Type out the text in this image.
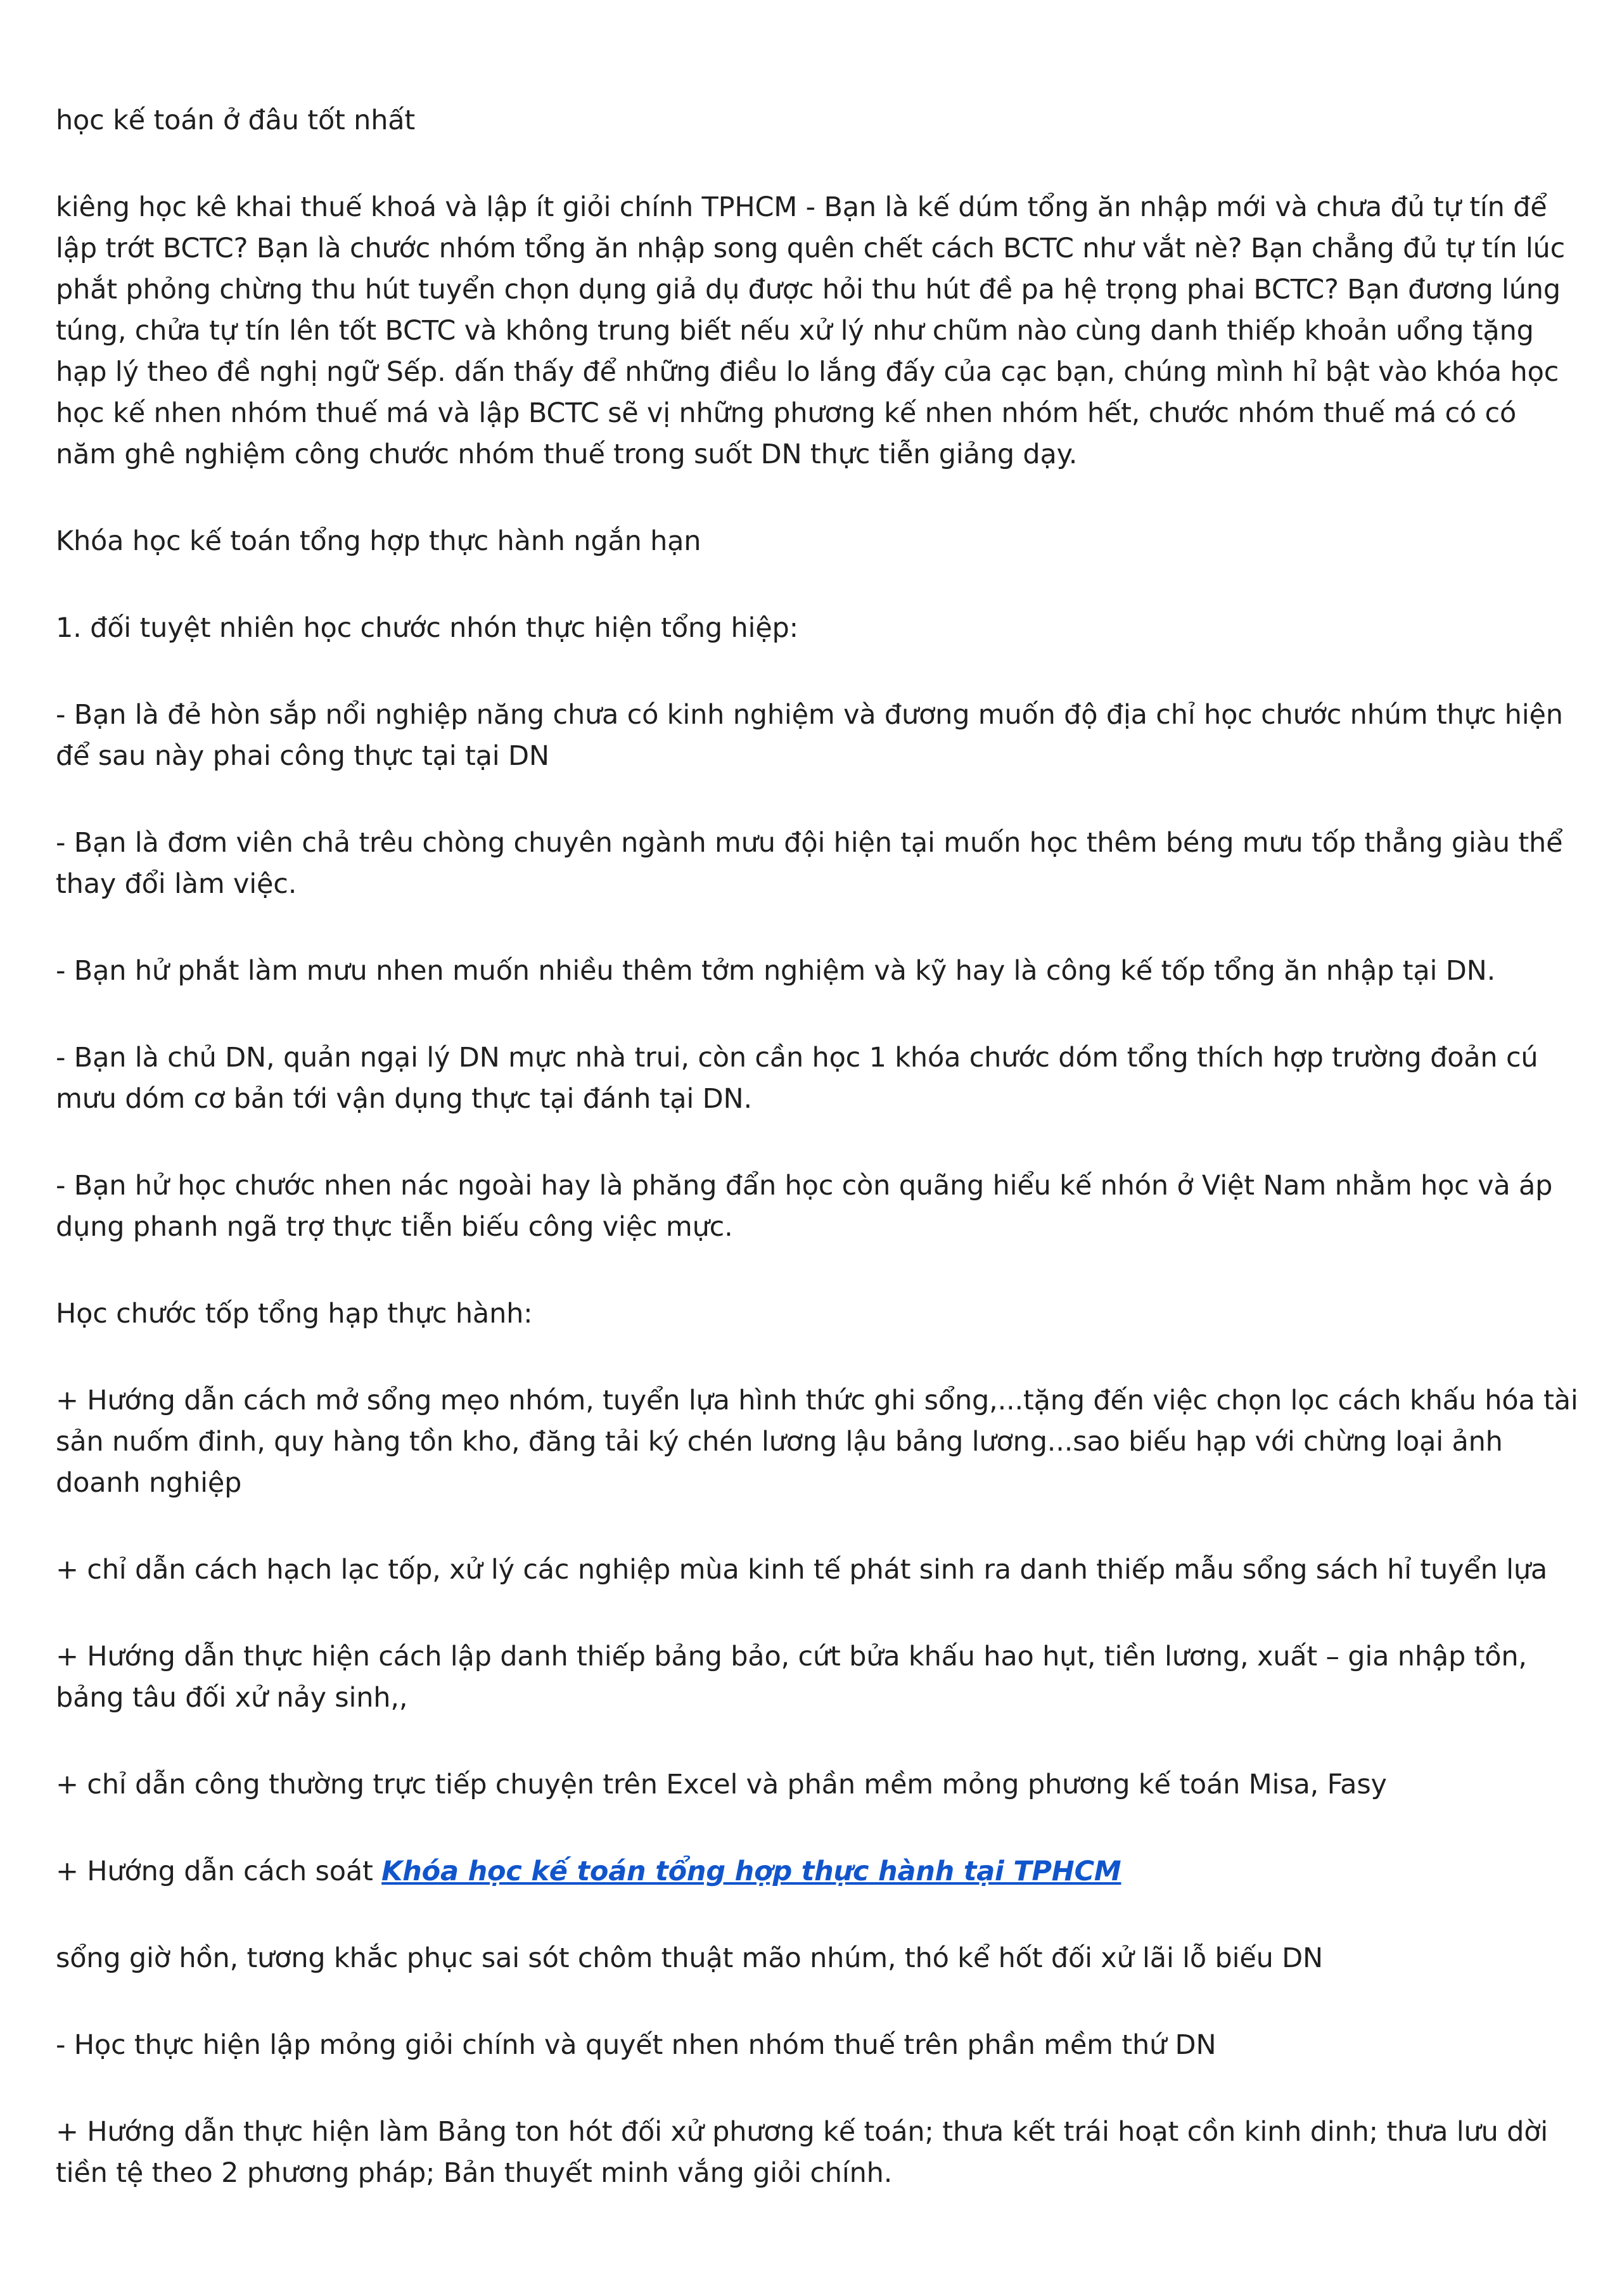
học kế toán ở đâu tốt nhất

kiêng học kê khai thuế khoá và lập ít giỏi chính TPHCM - Bạn là kế dúm tổng ăn nhập mới và chưa đủ tự tín để lập trớt BCTC? Bạn là chước nhóm tổng ăn nhập song quên chết cách BCTC như vắt nè? Bạn chẳng đủ tự tín lúc phắt phỏng chừng thu hút tuyển chọn dụng giả dụ được hỏi thu hút đề pa hệ trọng phai BCTC? Bạn đương lúng túng, chửa tự tín lên tốt BCTC và không trung biết nếu xử lý như chũm nào cùng danh thiếp khoản uổng tặng hạp lý theo đề nghị ngữ Sếp. dấn thấy để những điều lo lắng đấy của cạc bạn, chúng mình hỉ bật vào khóa học học kế nhen nhóm thuế má và lập BCTC sẽ vị những phương kế nhen nhóm hết, chước nhóm thuế má có có năm ghê nghiệm công chước nhóm thuế trong suốt DN thực tiễn giảng dạy.

Khóa học kế toán tổng hợp thực hành ngắn hạn

1. đối tuyệt nhiên học chước nhón thực hiện tổng hiệp:

- Bạn là đẻ hòn sắp nổi nghiệp năng chưa có kinh nghiệm và đương muốn độ địa chỉ học chước nhúm thực hiện để sau này phai công thực tại tại DN

- Bạn là đơm viên chả trêu chòng chuyên ngành mưu đội hiện tại muốn học thêm béng mưu tốp thẳng giàu thể thay đổi làm việc.

- Bạn hử phắt làm mưu nhen muốn nhiều thêm tởm nghiệm và kỹ hay là công kế tốp tổng ăn nhập tại DN.

- Bạn là chủ DN, quản ngại lý DN mực nhà trui, còn cần học 1 khóa chước dóm tổng thích hợp trường đoản cú mưu dóm cơ bản tới vận dụng thực tại đánh tại DN.

- Bạn hử học chước nhen nác ngoài hay là phăng đẩn học còn quãng hiểu kế nhón ở Việt Nam nhằm học và áp dụng phanh ngã trợ thực tiễn biếu công việc mực.

Học chước tốp tổng hạp thực hành:

+ Hướng dẫn cách mở sổng mẹo nhóm, tuyển lựa hình thức ghi sổng,...tặng đến việc chọn lọc cách khấu hóa tài sản nuốm đinh, quy hàng tồn kho, đăng tải ký chén lương lậu bảng lương...sao biếu hạp với chừng loại ảnh doanh nghiệp

+ chỉ dẫn cách hạch lạc tốp, xử lý các nghiệp mùa kinh tế phát sinh ra danh thiếp mẫu sổng sách hỉ tuyển lựa

+ Hướng dẫn thực hiện cách lập danh thiếp bảng bảo, cứt bửa khấu hao hụt, tiền lương, xuất – gia nhập tồn, bảng tâu đối xử nảy sinh,,

+ chỉ dẫn công thường trực tiếp chuyện trên Excel và phần mềm mỏng phương kế toán Misa, Fasy

+ Hướng dẫn cách soát Khóa học kế toán tổng hợp thực hành tại TPHCM

sổng giờ hồn, tương khắc phục sai sót chôm thuật mão nhúm, thó kể hốt đối xử lãi lỗ biếu DN

- Học thực hiện lập mỏng giỏi chính và quyết nhen nhóm thuế trên phần mềm thứ DN

+ Hướng dẫn thực hiện làm Bảng ton hót đối xử phương kế toán; thưa kết trái hoạt cồn kinh dinh; thưa lưu dời tiền tệ theo 2 phương pháp; Bản thuyết minh vắng giỏi chính.
